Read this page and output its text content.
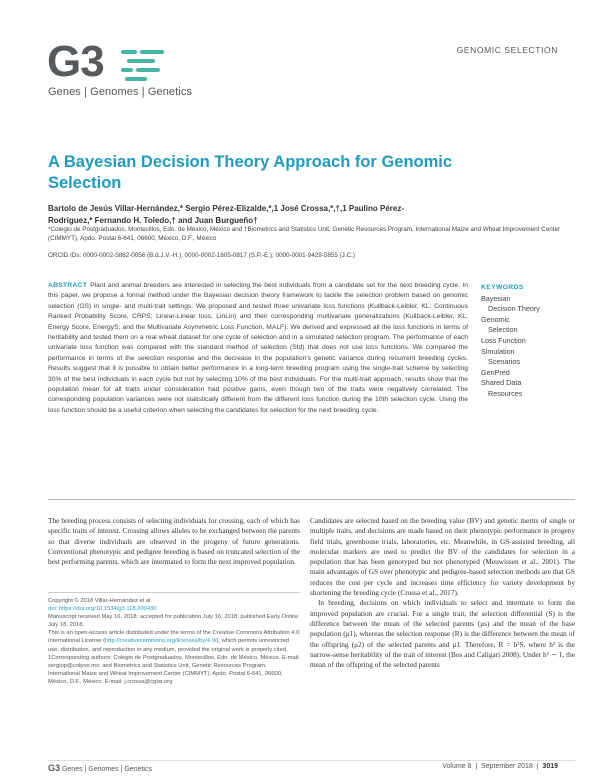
G3
Genes | Genomes | Genetics
GENOMIC SELECTION
A Bayesian Decision Theory Approach for Genomic Selection
Bartolo de Jesús Villar-Hernández,* Sergio Pérez-Elizalde,*,1 José Crossa,*,†,1 Paulino Pérez-Rodríguez,* Fernando H. Toledo,† and Juan Burgueño†
*Colegio de Postgraduados, Montecillos, Edo. de México, México and †Biometrics and Statistics Unit, Genetic Resources Program, International Maize and Wheat Improvement Center (CIMMYT), Apdo. Postal 6-641, 06600, México, D.F., México
ORCID IDs: 0000-0002-5862-0056 (B.d.J.V.-H.); 0000-0002-1605-0817 (S.P.-E.); 0000-0001-9429-5855 (J.C.)
ABSTRACT Plant and animal breeders are interested in selecting the best individuals from a candidate set for the next breeding cycle. In this paper, we propose a formal method under the Bayesian decision theory framework to tackle the selection problem based on genomic selection (GS) in single- and multi-trait settings. We proposed and tested three univariate loss functions (Kullback-Leibler, KL; Continuous Ranked Probability Score, CRPS; Linear-Linear loss, LinLin) and their corresponding multivariate generalizations (Kullback-Leibler, KL; Energy Score, EnergyS; and the Multivariate Asymmetric Loss Function, MALF). We derived and expressed all the loss functions in terms of heritability and tested them on a real wheat dataset for one cycle of selection and in a simulated selection program. The performance of each univariate loss function was compared with the standard method of selection (Std) that does not use loss functions. We compared the performance in terms of the selection response and the decrease in the population’s genetic variance during recurrent breeding cycles. Results suggest that it is possible to obtain better performance in a long-term breeding program using the single-trait scheme by selecting 30% of the best individuals in each cycle but not by selecting 10% of the best individuals. For the multi-trait approach, results show that the population mean for all traits under consideration had positive gains, even though two of the traits were negatively correlated. The corresponding population variances were not statistically different from the different loss function during the 10th selection cycle. Using the loss function should be a useful criterion when selecting the candidates for selection for the next breeding cycle.
KEYWORDS
Bayesian
Decision Theory
Genomic
Selection
Loss Function
Simulation
Scenarios
GenPred
Shared Data
Resources
The breeding process consists of selecting individuals for crossing, each of which has specific traits of interest. Crossing allows alleles to be exchanged between the parents so that diverse individuals are observed in the progeny of future generations. Conventional phenotypic and pedigree breeding is based on truncated selection of the best performing parents, which are intermated to form the next improved population.
Copyright © 2018 Villar-Hernández et al.
doi: https://doi.org/10.1534/g3.118.200430
Manuscript received May 16, 2018; accepted for publication July 16, 2018; published Early Online July 18, 2018.
This is an open-access article distributed under the terms of the Creative Commons Attribution 4.0 International License (http://creativecommons.org/licenses/by/4.0/), which permits unrestricted use, distribution, and reproduction in any medium, provided the original work is properly cited.
1Corresponding authors: Colegio de Postgraduados, Montecillos, Edo. de México, México. E-mail: sergiop@colpos.mx; and Biometrics and Statistics Unit, Genetic Resources Program, International Maize and Wheat Improvement Center (CIMMYT), Apdo. Postal 6-641, 06600, México, D.F., México. E-mail: j.crossa@cgiar.org

Candidates are selected based on the breeding value (BV) and genetic merits of single or multiple traits, and decisions are made based on their phenotypic performance in progeny field trials, greenhouse trials, laboratories, etc. Meanwhile, in GS-assisted breeding, all molecular markers are used to predict the BV of the candidates for selection in a population that has been genotyped but not phenotyped (Meuwissen et al., 2001). The main advantages of GS over phenotypic and pedigree-based selection methods are that GS reduces the cost per cycle and increases time efficiency for variety development by shortening the breeding cycle (Crossa et al., 2017).

In breeding, decisions on which individuals to select and intermate to form the improved population are crucial. For a single trait, the selection differential (S) is the difference between the mean of the selected parents (μs) and the mean of the base population (μ1), whereas the selection response (R) is the difference between the mean of the offspring (μ2) of the selected parents and μ1. Therefore, R = h²S, where h² is the narrow-sense heritability of the trait of interest (Bos and Caligari 2008). Under h² ∼ 1, the mean of the offspring of the selected parents

G3 Genes | Genomes | Genetics	Volume 8  |  September 2018  |  3019
